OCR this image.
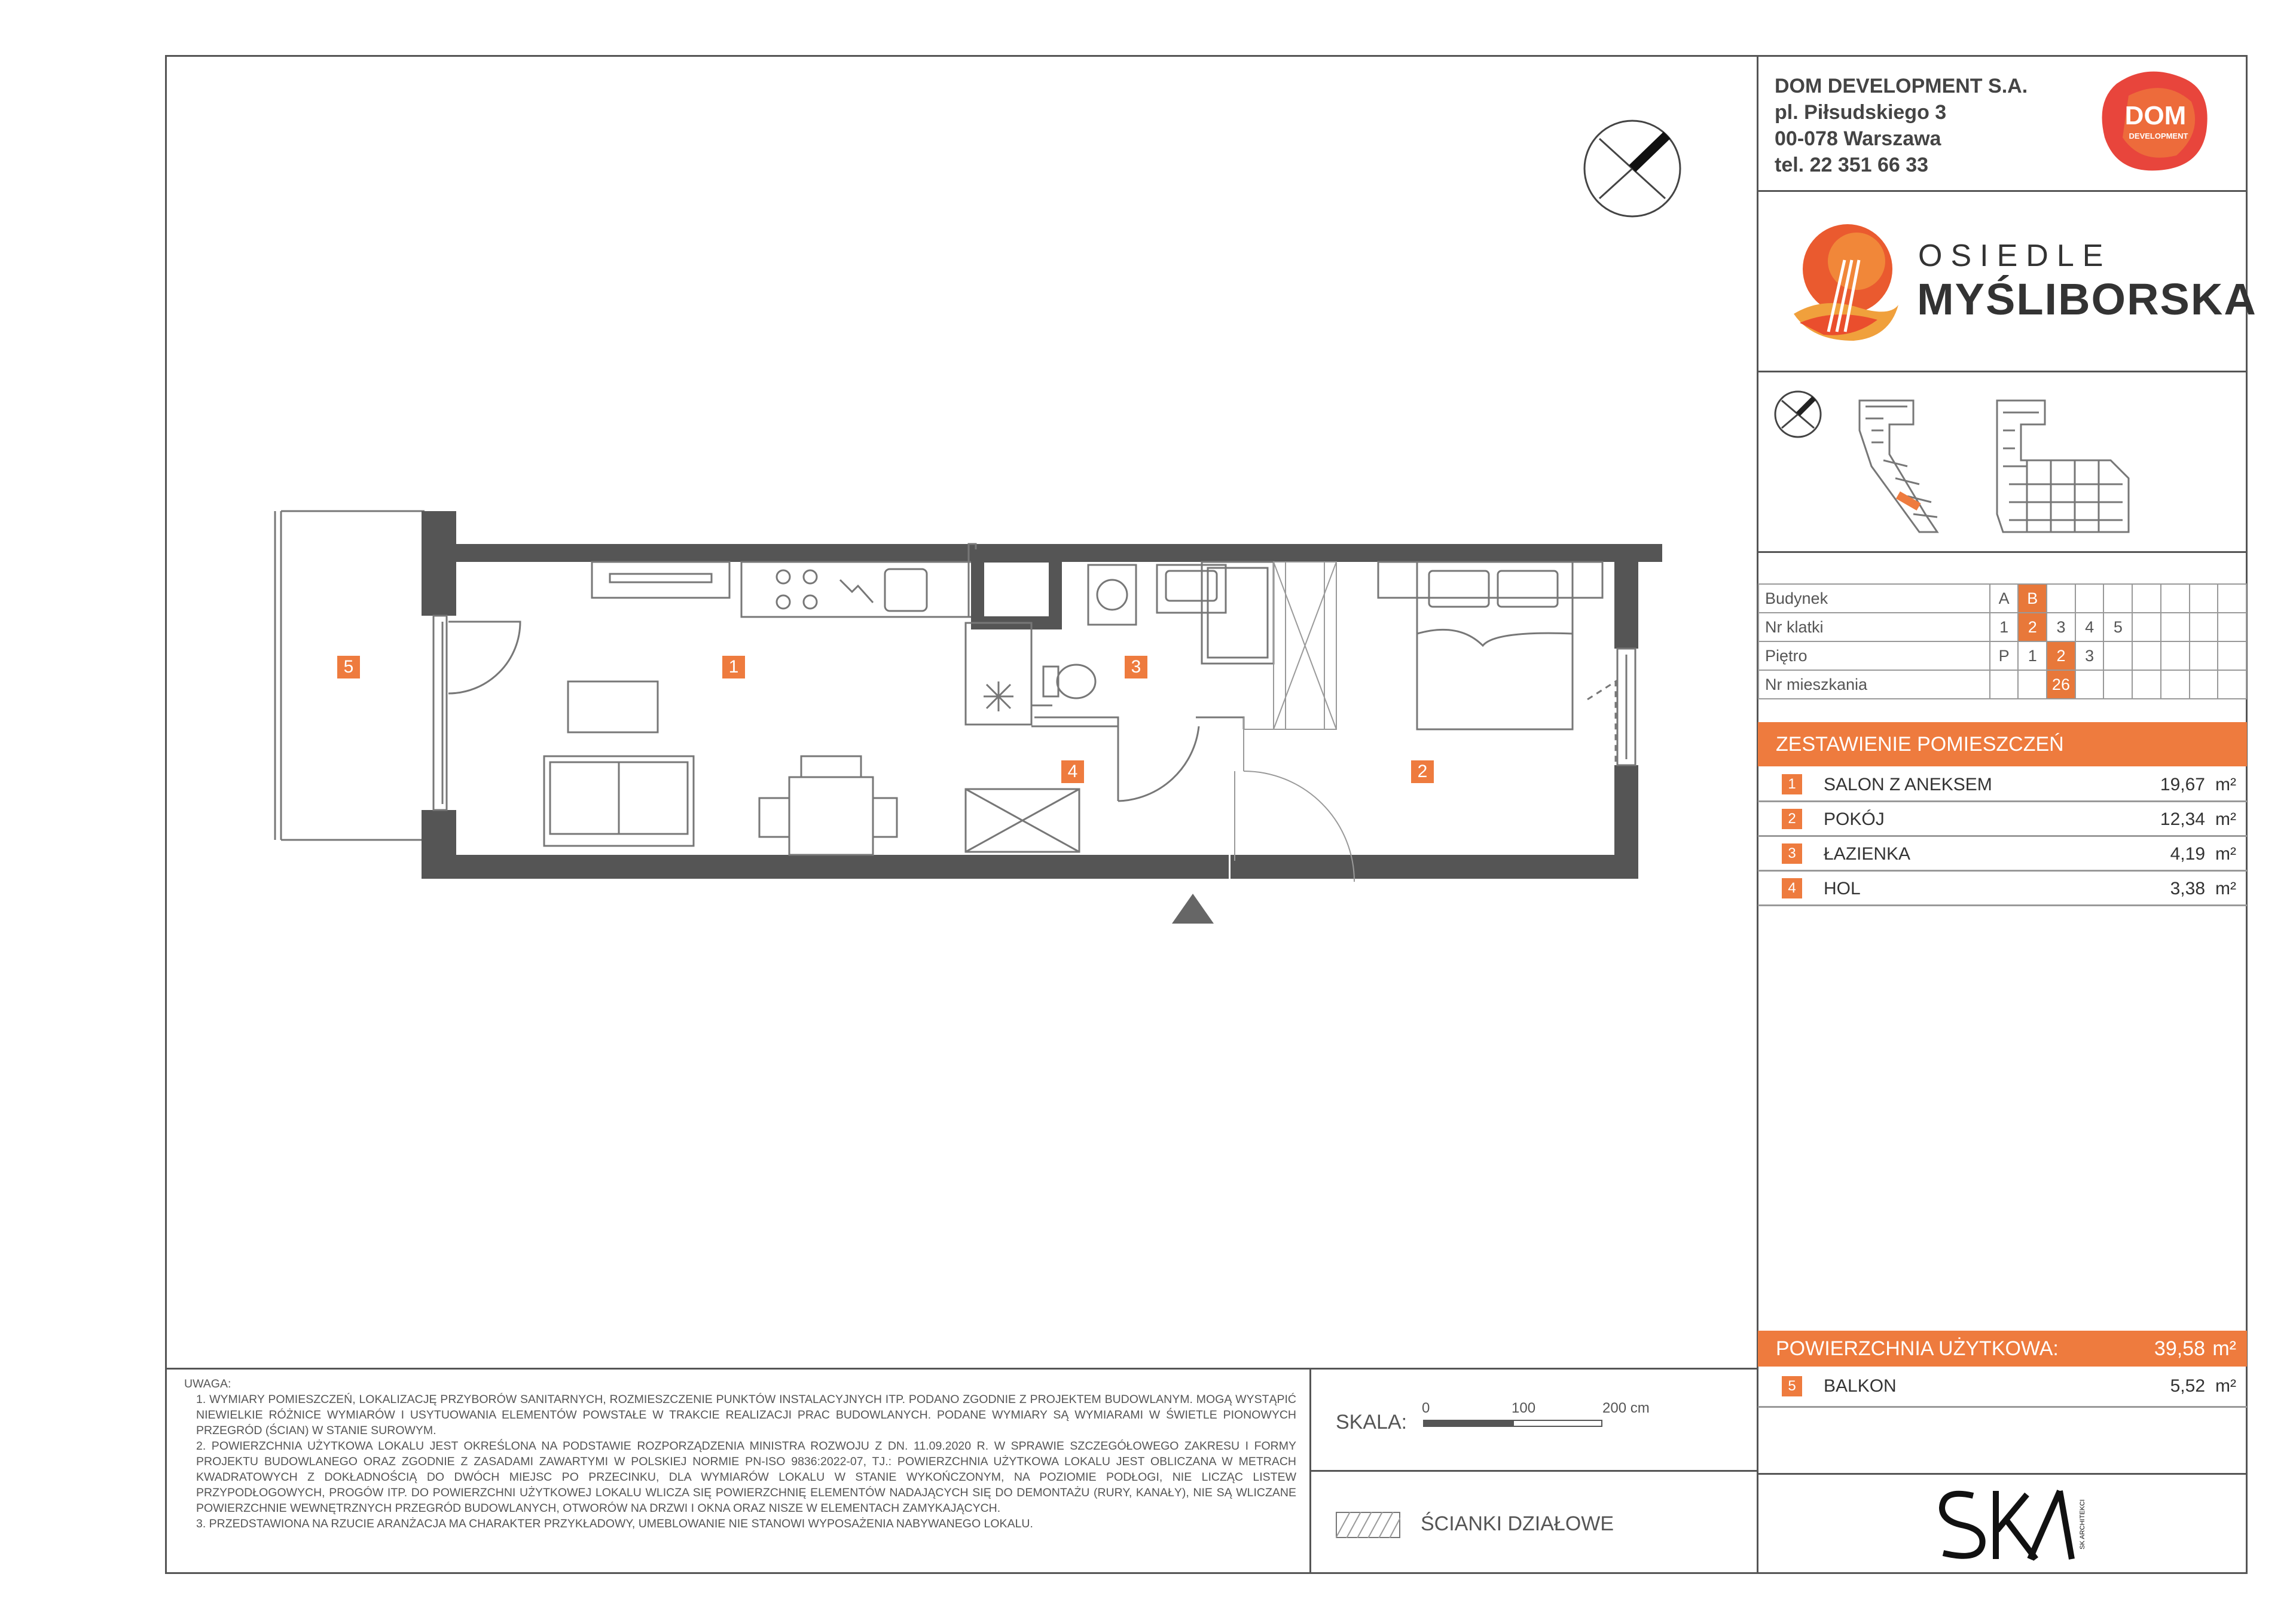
DOM DEVELOPMENT S.A.
pl. Piłsudskiego 3
00-078 Warszawa
tel. 22 351 66 33
DOM
DEVELOPMENT
OSIEDLE
MYŚLIBORSKA
Budynek	A	B							
Nr klatki	1	2	3	4	5				
Piętro	P	1	2	3					
Nr mieszkania			26						
ZESTAWIENIE POMIESZCZEŃ
1	SALON Z ANEKSEM	19,67 m²
2	POKÓJ	12,34 m²
3	ŁAZIENKA	4,19 m²
4	HOL	3,38 m²
POWIERZCHNIA UŻYTKOWA:	39,58 m²
5	BALKON	5,52 m²
SK ARCHITEKCI
UWAGA:
1. WYMIARY POMIESZCZEŃ, LOKALIZACJĘ PRZYBORÓW SANITARNYCH, ROZMIESZCZENIE PUNKTÓW INSTALACYJNYCH ITP. PODANO ZGODNIE Z PROJEKTEM BUDOWLANYM. MOGĄ WYSTĄPIĆ NIEWIELKIE RÓŻNICE WYMIARÓW I USYTUOWANIA ELEMENTÓW POWSTAŁE W TRAKCIE REALIZACJI PRAC BUDOWLANYCH. PODANE WYMIARY SĄ WYMIARAMI W ŚWIETLE PIONOWYCH PRZEGRÓD (ŚCIAN) W STANIE SUROWYM.
2. POWIERZCHNIA UŻYTKOWA LOKALU JEST OKREŚLONA NA PODSTAWIE ROZPORZĄDZENIA MINISTRA ROZWOJU Z DN. 11.09.2020 R. W SPRAWIE SZCZEGÓŁOWEGO ZAKRESU I FORMY PROJEKTU BUDOWLANEGO ORAZ ZGODNIE Z ZASADAMI ZAWARTYMI W POLSKIEJ NORMIE PN-ISO 9836:2022-07, TJ.: POWIERZCHNIA UŻYTKOWA LOKALU JEST OBLICZANA W METRACH KWADRATOWYCH Z DOKŁADNOŚCIĄ DO DWÓCH MIEJSC PO PRZECINKU, DLA WYMIARÓW LOKALU W STANIE WYKOŃCZONYM, NA POZIOMIE PODŁOGI, NIE LICZĄC LISTEW PRZYPODŁOGOWYCH, PROGÓW ITP. DO POWIERZCHNI UŻYTKOWEJ LOKALU WLICZA SIĘ POWIERZCHNIĘ ELEMENTÓW NADAJĄCYCH SIĘ DO DEMONTAŻU (RURY, KANAŁY), NIE SĄ WLICZANE POWIERZCHNIE WEWNĘTRZNYCH PRZEGRÓD BUDOWLANYCH, OTWORÓW NA DRZWI I OKNA ORAZ NISZE W ELEMENTACH ZAMYKAJĄCYCH.
3. PRZEDSTAWIONA NA RZUCIE ARANŻACJA MA CHARAKTER PRZYKŁADOWY, UMEBLOWANIE NIE STANOWI WYPOSAŻENIA NABYWANEGO LOKALU.
SKALA:
0	100	200 cm
ŚCIANKI DZIAŁOWE
1
2
3
4
5
